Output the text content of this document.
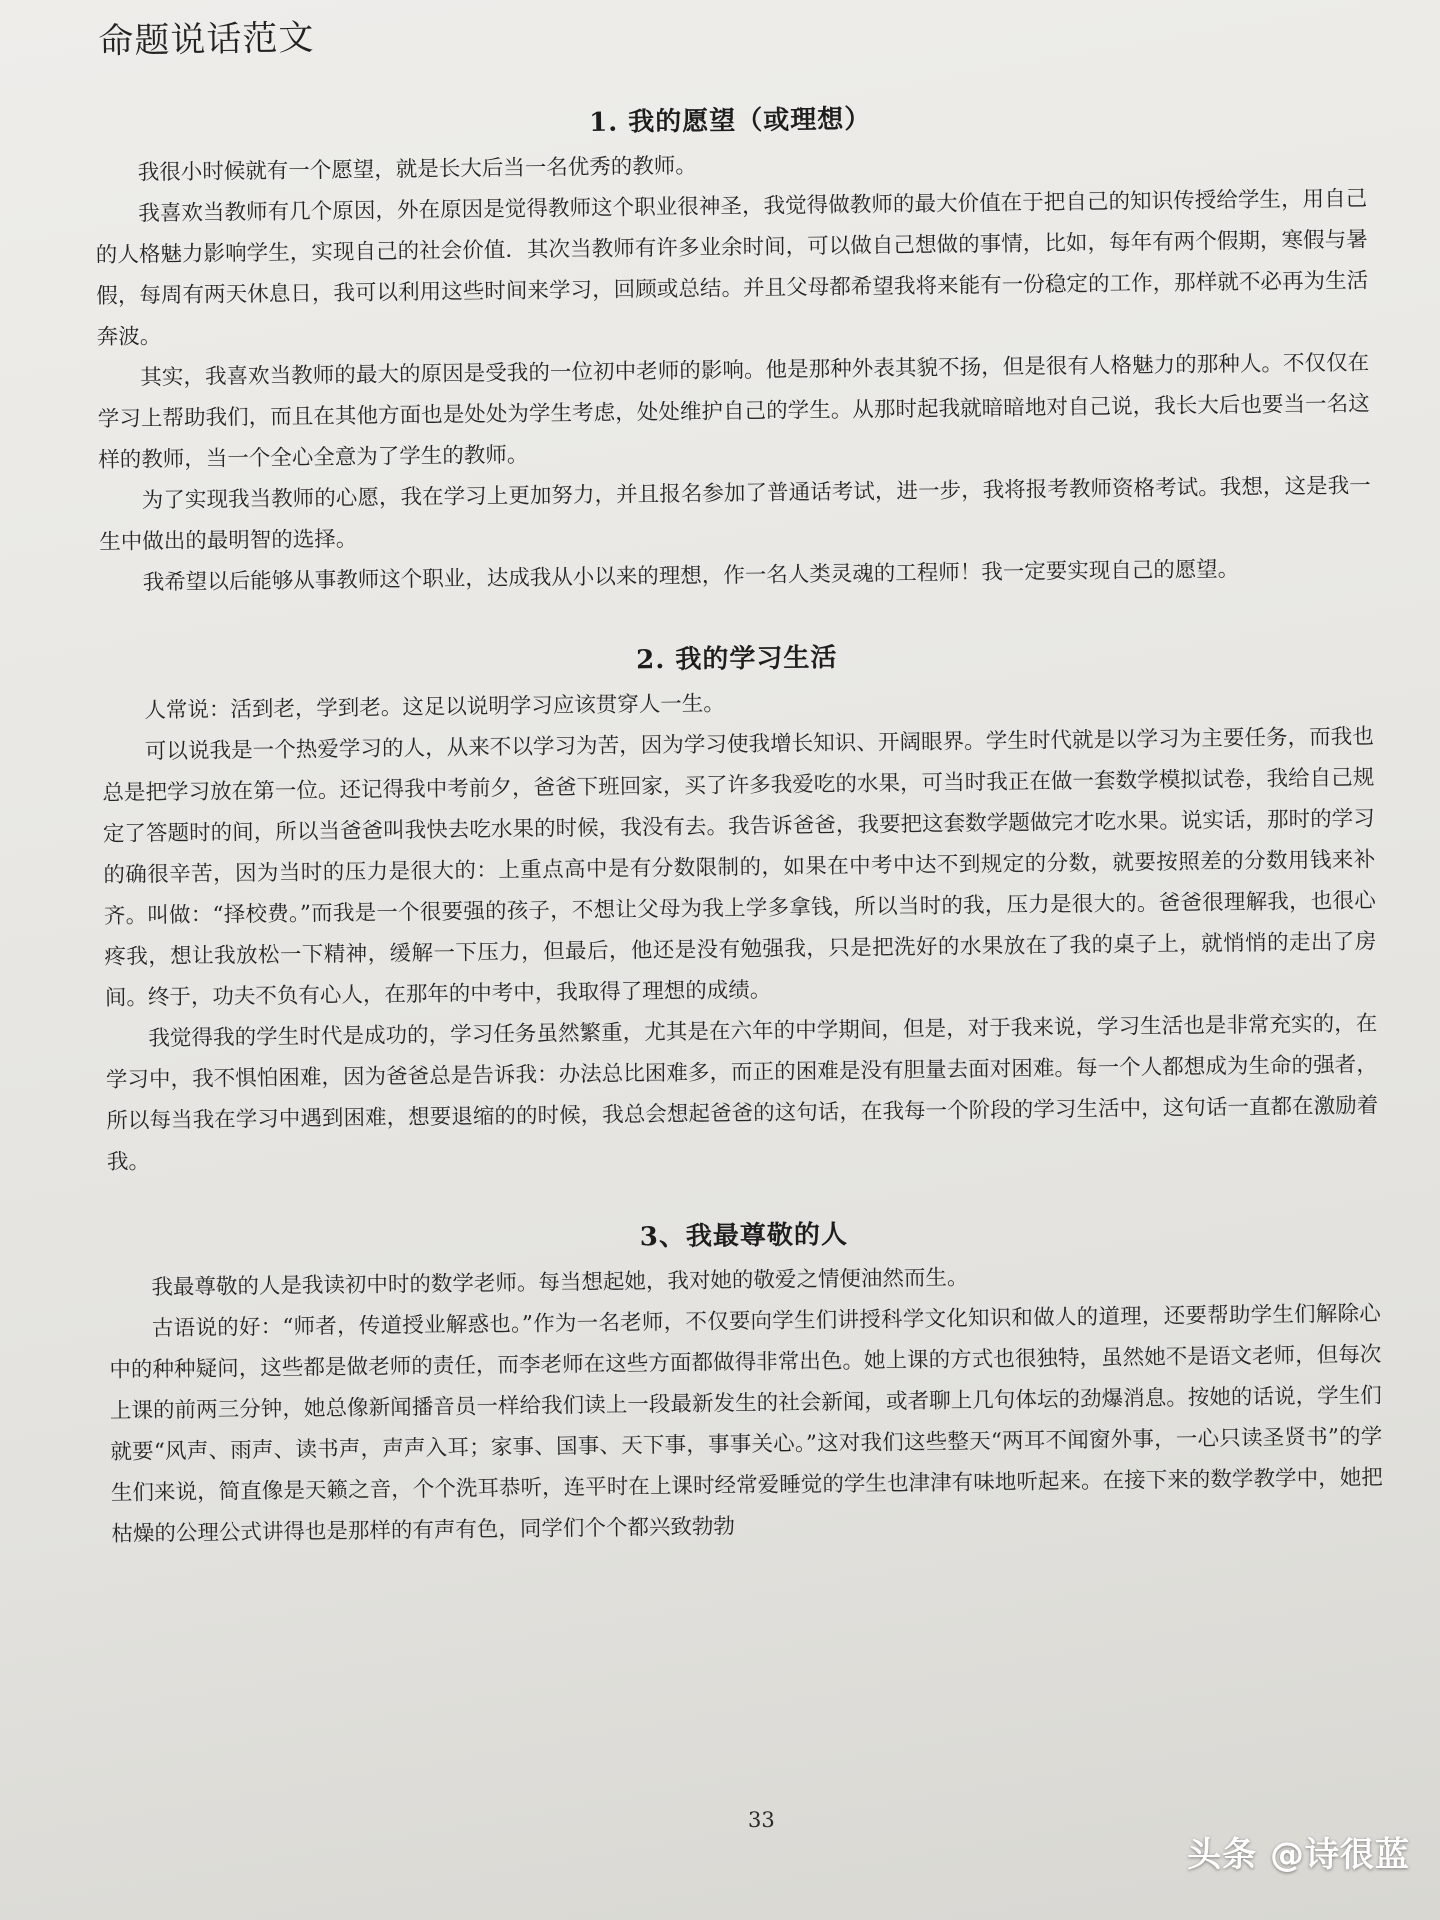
命题说话范文
1. 我的愿望（或理想）

我很小时候就有一个愿望，就是长大后当一名优秀的教师。

我喜欢当教师有几个原因，外在原因是觉得教师这个职业很神圣，我觉得做教师的最大价值在于把自己的知识传授给学生，用自己的人格魅力影响学生，实现自己的社会价值．其次当教师有许多业余时间，可以做自己想做的事情，比如，每年有两个假期，寒假与暑假，每周有两天休息日，我可以利用这些时间来学习，回顾或总结。并且父母都希望我将来能有一份稳定的工作，那样就不必再为生活奔波。

其实，我喜欢当教师的最大的原因是受我的一位初中老师的影响。他是那种外表其貌不扬，但是很有人格魅力的那种人。不仅仅在学习上帮助我们，而且在其他方面也是处处为学生考虑，处处维护自己的学生。从那时起我就暗暗地对自己说，我长大后也要当一名这样的教师，当一个全心全意为了学生的教师。

为了实现我当教师的心愿，我在学习上更加努力，并且报名参加了普通话考试，进一步，我将报考教师资格考试。我想，这是我一生中做出的最明智的选择。

我希望以后能够从事教师这个职业，达成我从小以来的理想，作一名人类灵魂的工程师！我一定要实现自己的愿望。

2. 我的学习生活

人常说：活到老，学到老。这足以说明学习应该贯穿人一生。

可以说我是一个热爱学习的人，从来不以学习为苦，因为学习使我增长知识、开阔眼界。学生时代就是以学习为主要任务，而我也总是把学习放在第一位。还记得我中考前夕，爸爸下班回家，买了许多我爱吃的水果，可当时我正在做一套数学模拟试卷，我给自己规定了答题时的间，所以当爸爸叫我快去吃水果的时候，我没有去。我告诉爸爸，我要把这套数学题做完才吃水果。说实话，那时的学习的确很辛苦，因为当时的压力是很大的：上重点高中是有分数限制的，如果在中考中达不到规定的分数，就要按照差的分数用钱来补齐。叫做：“择校费。”而我是一个很要强的孩子，不想让父母为我上学多拿钱，所以当时的我，压力是很大的。爸爸很理解我，也很心疼我，想让我放松一下精神，缓解一下压力，但最后，他还是没有勉强我，只是把洗好的水果放在了我的桌子上，就悄悄的走出了房间。终于，功夫不负有心人，在那年的中考中，我取得了理想的成绩。

我觉得我的学生时代是成功的，学习任务虽然繁重，尤其是在六年的中学期间，但是，对于我来说，学习生活也是非常充实的，在学习中，我不惧怕困难，因为爸爸总是告诉我：办法总比困难多，而正的困难是没有胆量去面对困难。每一个人都想成为生命的强者，所以每当我在学习中遇到困难，想要退缩的的时候，我总会想起爸爸的这句话，在我每一个阶段的学习生活中，这句话一直都在激励着我。

3、我最尊敬的人

我最尊敬的人是我读初中时的数学老师。每当想起她，我对她的敬爱之情便油然而生。

古语说的好：“师者，传道授业解惑也。”作为一名老师，不仅要向学生们讲授科学文化知识和做人的道理，还要帮助学生们解除心中的种种疑问，这些都是做老师的责任，而李老师在这些方面都做得非常出色。她上课的方式也很独特，虽然她不是语文老师，但每次上课的前两三分钟，她总像新闻播音员一样给我们读上一段最新发生的社会新闻，或者聊上几句体坛的劲爆消息。按她的话说，学生们就要“风声、雨声、读书声，声声入耳；家事、国事、天下事，事事关心。”这对我们这些整天“两耳不闻窗外事，一心只读圣贤书”的学生们来说，简直像是天籁之音，个个洗耳恭听，连平时在上课时经常爱睡觉的学生也津津有味地听起来。在接下来的数学教学中，她把枯燥的公理公式讲得也是那样的有声有色，同学们个个都兴致勃勃

33
头条 @诗很蓝
